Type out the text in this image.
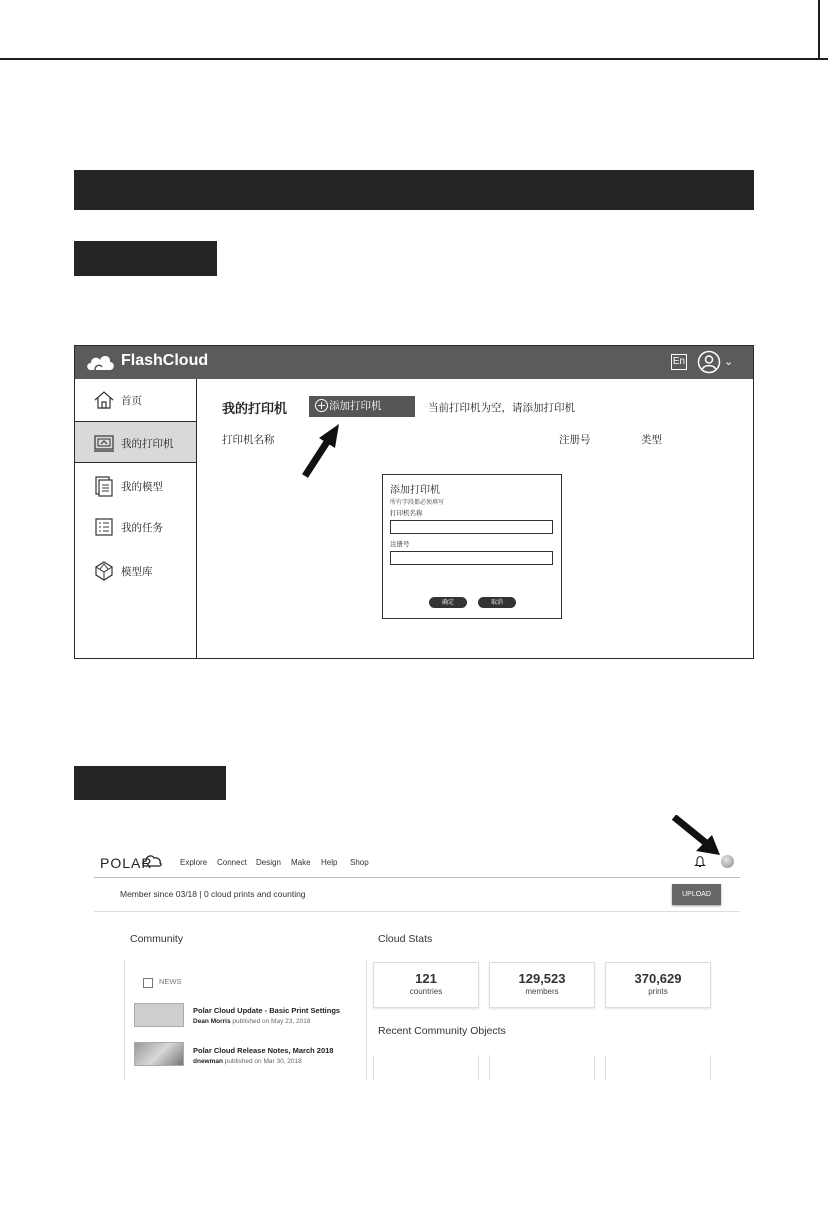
FlashCloud	En	⌄
首页
我的打印机
我的模型
我的任务
模型库
我的打印机	+ 添加打印机	当前打印机为空，请添加打印机
打印机名称	注册号	类型
添加打印机
所有字段都必须填写
打印机名称
注册号
确定	取消
POLAR	Explore Connect Design Make Help Shop
Member since 03/18 | 0 cloud prints and counting	UPLOAD
Community	Cloud Stats
NEWS
Polar Cloud Update - Basic Print Settings
Dean Morris published on May 23, 2018
Polar Cloud Release Notes, March 2018
dnewman published on Mar 30, 2018
121
countries
129,523
members
370,629
prints
Recent Community Objects
